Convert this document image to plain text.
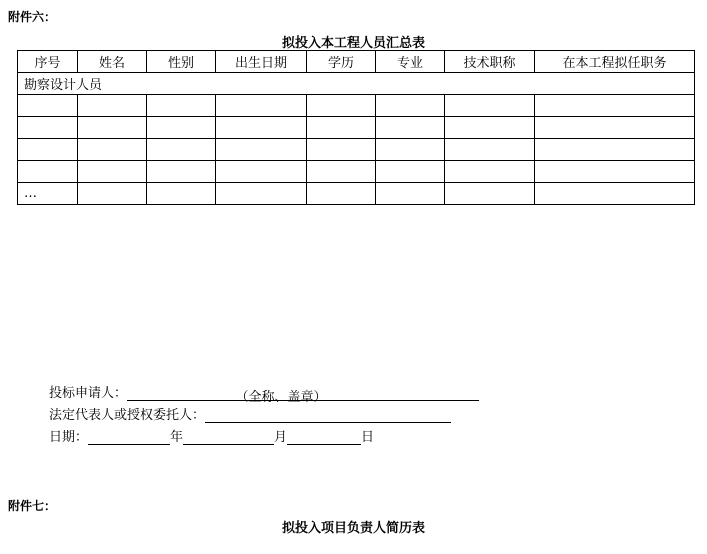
附件六：
拟投入本工程人员汇总表
序号	姓名	性别	出生日期	学历	专业	技术职称	在本工程拟任职务
勘察设计人员							

…							
投标申请人：	（全称、盖章）
法定代表人或授权委托人：
日期：	年	月	日
附件七：
拟投入项目负责人简历表
